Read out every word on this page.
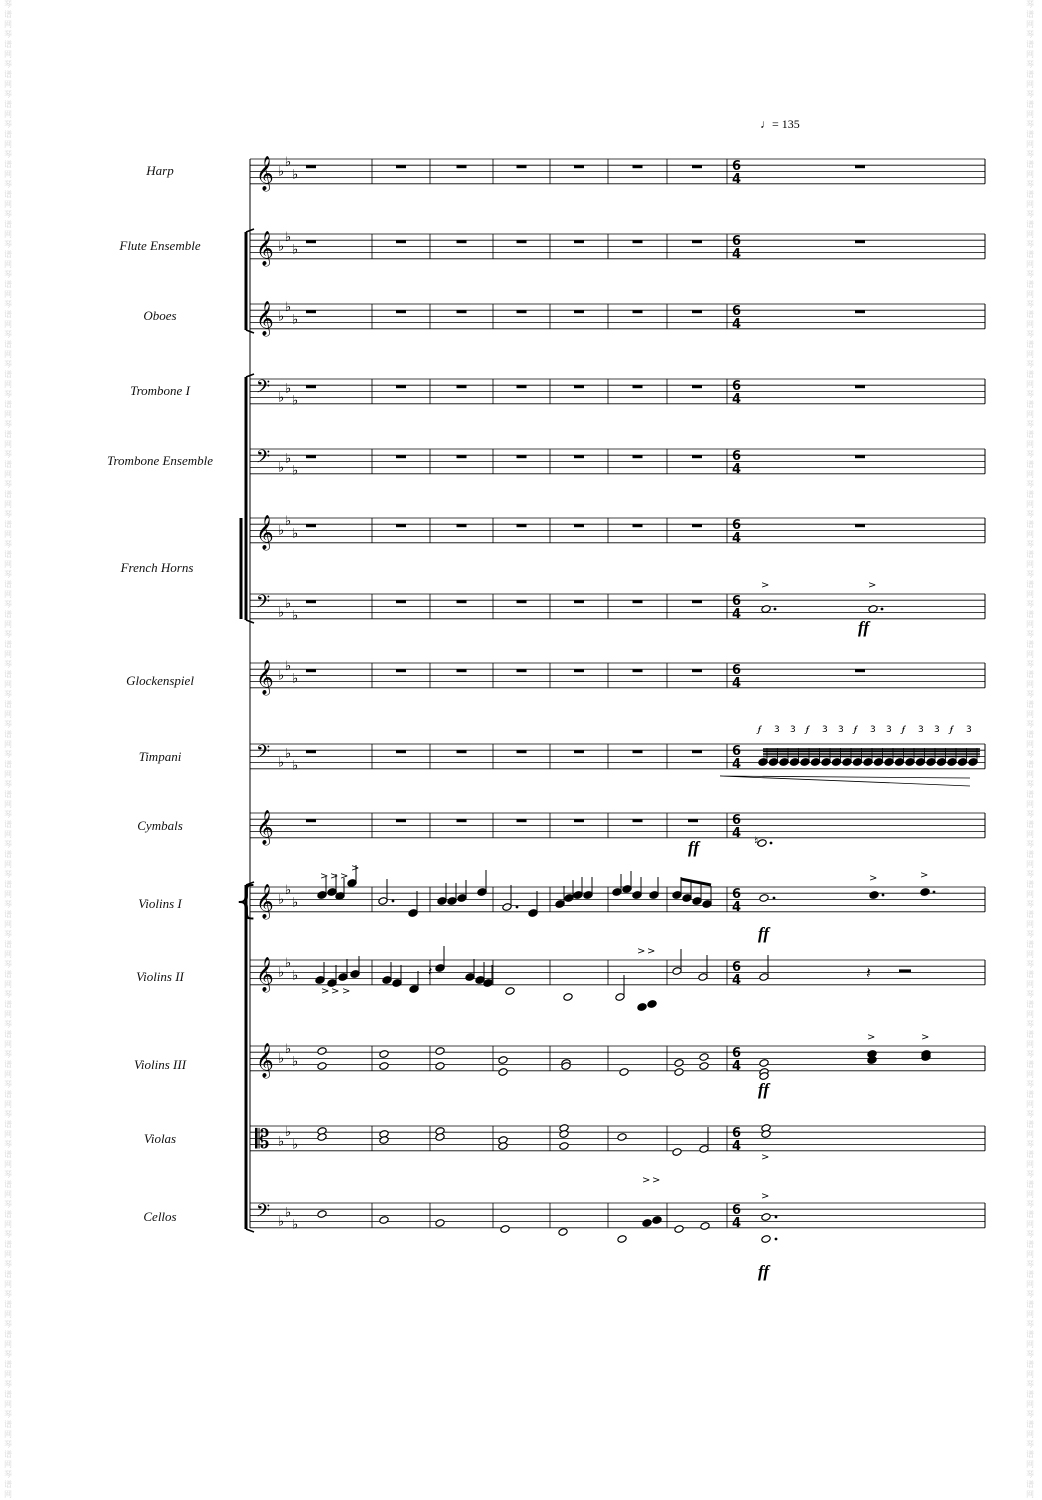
琴谱网 琴谱网 琴谱网 琴谱网 琴谱网 琴谱网 琴谱网 琴谱网 琴谱网 琴谱网 琴谱网 琴谱网 琴谱网 琴谱网 琴谱网 琴谱网 琴谱网 琴谱网 琴谱网 琴谱网 琴谱网 琴谱网 琴谱网 琴谱网 琴谱网 琴谱网 琴谱网 琴谱网 琴谱网 琴谱网 琴谱网 琴谱网 琴谱网 琴谱网 琴谱网 琴谱网 琴谱网 琴谱网 琴谱网 琴谱网 琴谱网 琴谱网 琴谱网 琴谱网 琴谱网 琴谱网 琴谱网 琴谱网 琴谱网 琴谱网
琴谱网 琴谱网 琴谱网 琴谱网 琴谱网 琴谱网 琴谱网 琴谱网 琴谱网 琴谱网 琴谱网 琴谱网 琴谱网 琴谱网 琴谱网 琴谱网 琴谱网 琴谱网 琴谱网 琴谱网 琴谱网 琴谱网 琴谱网 琴谱网 琴谱网 琴谱网 琴谱网 琴谱网 琴谱网 琴谱网 琴谱网 琴谱网 琴谱网 琴谱网 琴谱网 琴谱网 琴谱网 琴谱网 琴谱网 琴谱网 琴谱网 琴谱网 琴谱网 琴谱网 琴谱网 琴谱网 琴谱网 琴谱网 琴谱网 琴谱网
♩= 135
Harp
Flute Ensemble
Oboes
Trombone I
Trombone Ensemble
French Horns
Glockenspiel
Timpani
Cymbals
Violins I
Violins II
Violins III
Violas
Cellos
ff
ff
ff
ff
ff
𝄞 ♭
♭
♭
6
4
𝄞 ♭
♭
♭
6
4
𝄞 ♭
♭
♭
6
4
𝄢 ♭
♭
♭
6
4
𝄢 ♭
♭
♭
6
4
𝄞 ♭
♭
♭
6
4
𝄢 ♭
♭
♭
6
4
𝄞 ♭
♭
♭
6
4
𝄢 ♭
♭
♭
6
4
𝄞	6
4
𝄞 ♭
♭
♭
6
4
𝄞 ♭
♭
♭
6
4
𝄞 ♭
♭
♭
6
4
𝄡 ♭
♭
♭
6
4
𝄢 ♭
♭
♭
6
4
{
>	>
𝆑 3 3 𝆑 3 3 𝆑 3 3 𝆑 3 3 𝆑 3
♮
>	>
> > >
>
> >
𝄽
> > >
𝄽
>	>
>
> >
>
